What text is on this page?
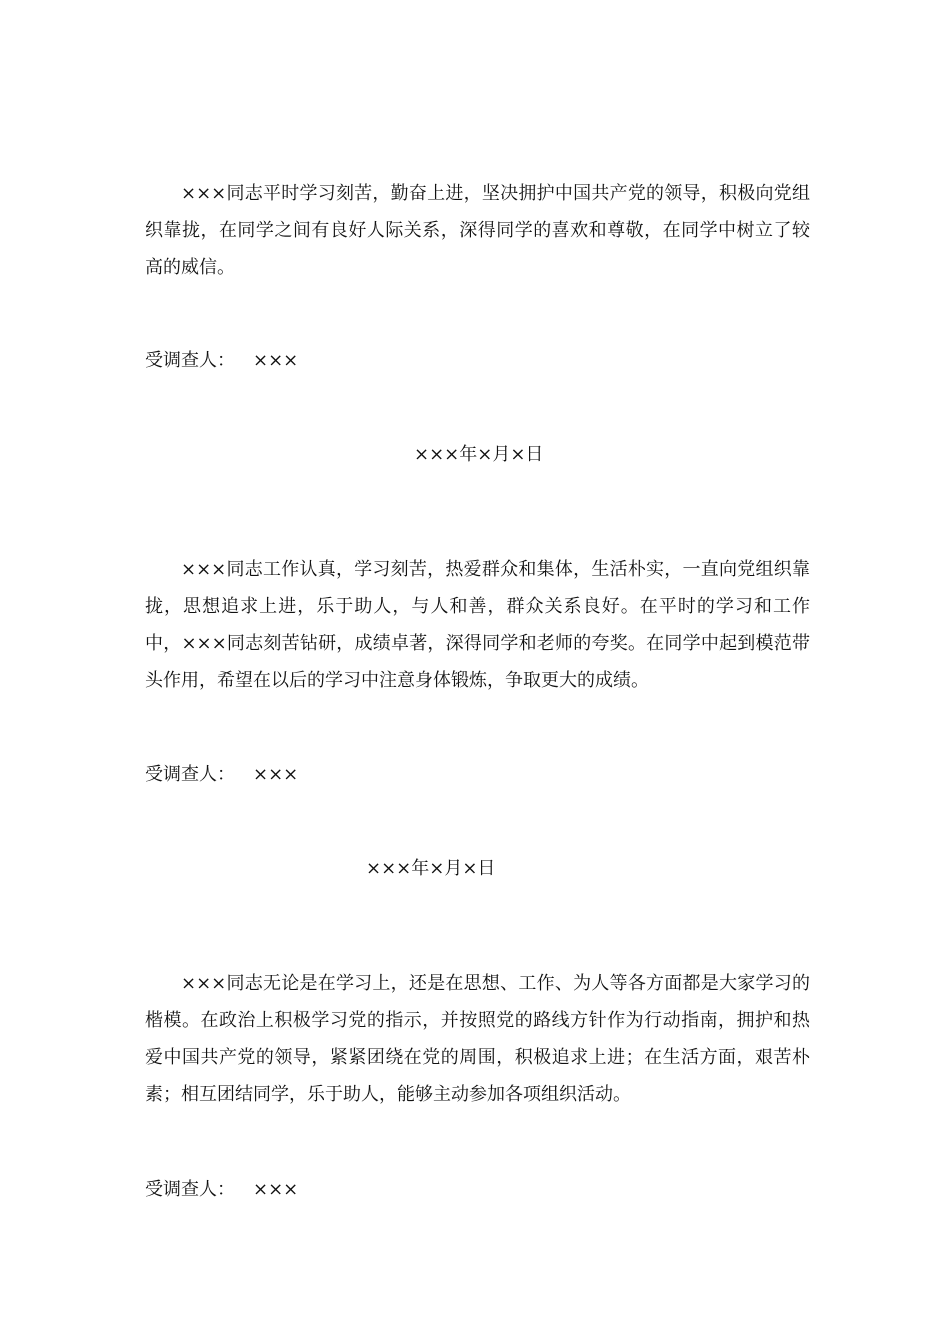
×××同志平时学习刻苦，勤奋上进，坚决拥护中国共产党的领导，积极向党组织靠拢，在同学之间有良好人际关系，深得同学的喜欢和尊敬，在同学中树立了较高的威信。

受调查人： ×××
×××年×月×日

×××同志工作认真，学习刻苦，热爱群众和集体，生活朴实，一直向党组织靠拢，思想追求上进，乐于助人，与人和善，群众关系良好。在平时的学习和工作中，×××同志刻苦钻研，成绩卓著，深得同学和老师的夸奖。在同学中起到模范带头作用，希望在以后的学习中注意身体锻炼，争取更大的成绩。

受调查人： ×××
×××年×月×日

×××同志无论是在学习上，还是在思想、工作、为人等各方面都是大家学习的楷模。在政治上积极学习党的指示，并按照党的路线方针作为行动指南，拥护和热爱中国共产党的领导，紧紧团绕在党的周围，积极追求上进；在生活方面，艰苦朴素；相互团结同学，乐于助人，能够主动参加各项组织活动。

受调查人： ×××
